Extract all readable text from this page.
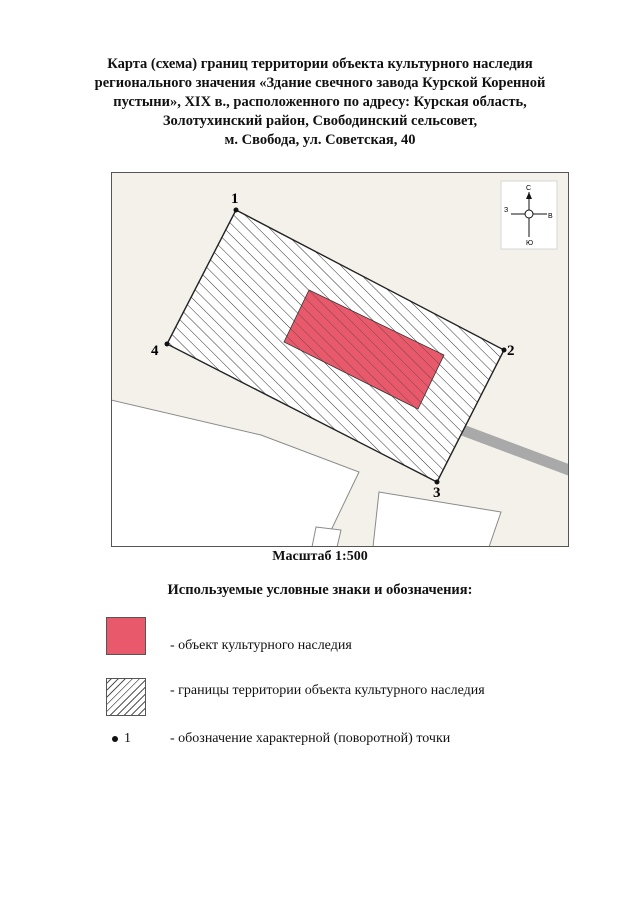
Карта (схема) границ территории объекта культурного наследия
регионального значения «Здание свечного завода Курской Коренной
пустыни», XIX в., расположенного по адресу: Курская область,
Золотухинский район, Свободинский сельсовет,
м. Свобода, ул. Советская, 40
1
2
3
4
С
Ю
З
В
Масштаб 1:500
Используемые условные знаки и обозначения:
- объект культурного наследия
- границы территории объекта культурного наследия
1	- обозначение характерной (поворотной) точки
